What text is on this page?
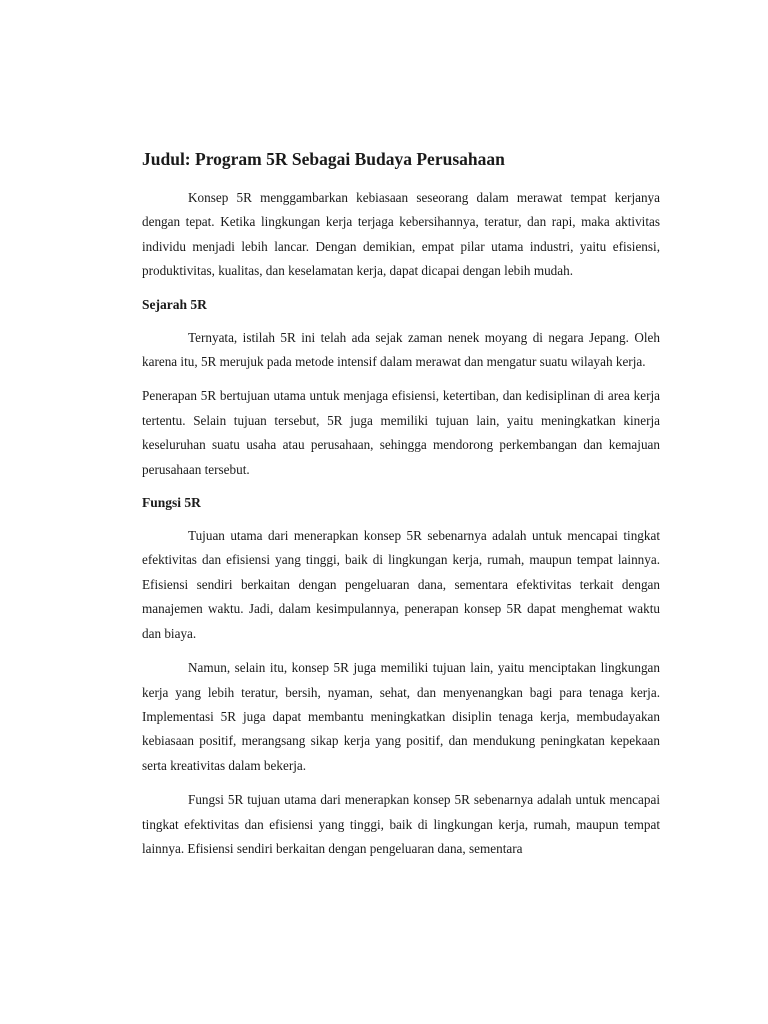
Judul: Program 5R Sebagai Budaya Perusahaan

Konsep 5R menggambarkan kebiasaan seseorang dalam merawat tempat kerjanya dengan tepat. Ketika lingkungan kerja terjaga kebersihannya, teratur, dan rapi, maka aktivitas individu menjadi lebih lancar. Dengan demikian, empat pilar utama industri, yaitu efisiensi, produktivitas, kualitas, dan keselamatan kerja, dapat dicapai dengan lebih mudah.

Sejarah 5R

Ternyata, istilah 5R ini telah ada sejak zaman nenek moyang di negara Jepang. Oleh karena itu, 5R merujuk pada metode intensif dalam merawat dan mengatur suatu wilayah kerja.

Penerapan 5R bertujuan utama untuk menjaga efisiensi, ketertiban, dan kedisiplinan di area kerja tertentu. Selain tujuan tersebut, 5R juga memiliki tujuan lain, yaitu meningkatkan kinerja keseluruhan suatu usaha atau perusahaan, sehingga mendorong perkembangan dan kemajuan perusahaan tersebut.

Fungsi 5R

Tujuan utama dari menerapkan konsep 5R sebenarnya adalah untuk mencapai tingkat efektivitas dan efisiensi yang tinggi, baik di lingkungan kerja, rumah, maupun tempat lainnya. Efisiensi sendiri berkaitan dengan pengeluaran dana, sementara efektivitas terkait dengan manajemen waktu. Jadi, dalam kesimpulannya, penerapan konsep 5R dapat menghemat waktu dan biaya.

Namun, selain itu, konsep 5R juga memiliki tujuan lain, yaitu menciptakan lingkungan kerja yang lebih teratur, bersih, nyaman, sehat, dan menyenangkan bagi para tenaga kerja. Implementasi 5R juga dapat membantu meningkatkan disiplin tenaga kerja, membudayakan kebiasaan positif, merangsang sikap kerja yang positif, dan mendukung peningkatan kepekaan serta kreativitas dalam bekerja.

Fungsi 5R tujuan utama dari menerapkan konsep 5R sebenarnya adalah untuk mencapai tingkat efektivitas dan efisiensi yang tinggi, baik di lingkungan kerja, rumah, maupun tempat lainnya. Efisiensi sendiri berkaitan dengan pengeluaran dana, sementara
